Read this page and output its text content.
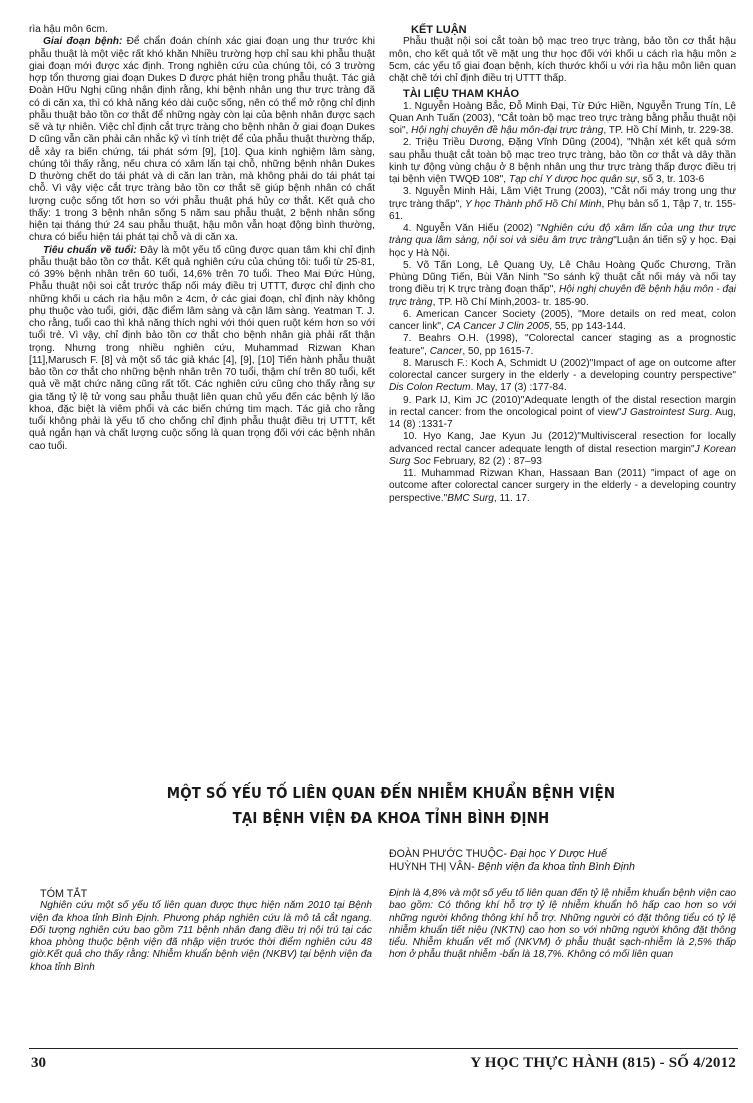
rìa hậu môn 6cm.

Giai đoạn bệnh: Để chẩn đoán chính xác giai đoạn ung thư trước khi phẫu thuật là một việc rất khó khăn Nhiều trường hợp chỉ sau khi phẫu thuật giai đoạn mới được xác định. Trong nghiên cứu của chúng tôi, có 3 trường hợp tổn thương giai đoạn Dukes D được phát hiện trong phẫu thuật. Tác giả Đoàn Hữu Nghị cũng nhận định rằng, khi bệnh nhân ung thư trực tràng đã có di căn xa, thì có khả năng kéo dài cuộc sống, nên có thể mở rộng chỉ định phẫu thuật bảo tồn cơ thắt để những ngày còn lại của bệnh nhân được sạch sẽ và tự nhiên. Việc chỉ định cắt trực tràng cho bệnh nhân ở giai đoạn Dukes D cũng vẫn cần phải cân nhắc kỹ vì tính triệt để của phẫu thuật thường thấp, dễ xảy ra biến chứng, tái phát sớm [9], [10]. Qua kinh nghiệm lâm sàng, chúng tôi thấy rằng, nếu chưa có xâm lấn tại chỗ, những bệnh nhân Dukes D thường chết do tái phát và di căn lan tràn, mà không phải do tái phát tại chỗ. Vì vậy việc cắt trực tràng bảo tồn cơ thắt sẽ giúp bệnh nhân có chất lượng cuộc sống tốt hơn so với phẫu thuật phá hủy cơ thắt. Kết quả cho thấy: 1 trong 3 bệnh nhân sống 5 năm sau phẫu thuật, 2 bệnh nhân sống hiện tại tháng thứ 24 sau phẫu thuật, hậu môn vẫn hoạt động bình thường, chưa có biểu hiện tái phát tại chỗ và di căn xa.

Tiêu chuẩn về tuổi: Đây là một yếu tố cũng được quan tâm khi chỉ định phẫu thuật bảo tồn cơ thắt. Kết quả nghiên cứu của chúng tôi: tuổi từ 25-81, có 39% bệnh nhân trên 60 tuổi, 14,6% trên 70 tuổi. Theo Mai Đức Hùng, Phẫu thuật nội soi cắt trước thấp nối máy điều trị UTTT, được chỉ định cho những khối u cách rìa hậu môn ≥ 4cm, ở các giai đoạn, chỉ định này không phụ thuộc vào tuổi, giới, đặc điểm lâm sàng và cận lâm sàng. Yeatman T. J. cho rằng, tuổi cao thì khả năng thích nghi với thói quen ruột kém hơn so với tuổi trẻ. Vì vậy, chỉ định bảo tồn cơ thắt cho bệnh nhân già phải rất thận trọng. Nhưng trong nhiều nghiên cứu, Muhammad Rizwan Khan [11],Marusch F. [8] và một số tác giả khác [4], [9], [10] Tiến hành phẫu thuật bảo tồn cơ thắt cho những bệnh nhân trên 70 tuổi, thậm chí trên 80 tuổi, kết quả về mặt chức năng cũng rất tốt. Các nghiên cứu cũng cho thấy rằng sự gia tăng tỷ lệ tử vong sau phẫu thuật liên quan chủ yếu đến các bệnh lý lão khoa, đặc biệt là viêm phổi và các biến chứng tim mạch. Tác giả cho rằng tuổi không phải là yếu tố cho chống chỉ định phẫu thuật điều trị UTTT, kết quả ngắn hạn và chất lượng cuộc sống là quan trọng đối với các bệnh nhân cao tuổi.

KẾT LUẬN

Phẫu thuật nội soi cắt toàn bộ mạc treo trực tràng, bảo tồn cơ thắt hậu môn, cho kết quả tốt về mặt ung thư học đối với khối u cách rìa hậu môn ≥ 5cm, các yếu tố giai đoạn bệnh, kích thước khối u với rìa hậu môn liên quan chặt chẽ tới chỉ định điều trị UTTT thấp.

TÀI LIỆU THAM KHẢO

1. Nguyễn Hoàng Bắc, Đỗ Minh Đại, Từ Đức Hiền, Nguyễn Trung Tín, Lê Quan Anh Tuấn (2003), "Cắt toàn bộ mạc treo trực tràng bằng phẫu thuật nội soi", Hội nghị chuyên đề hậu môn-đại trực tràng, TP. Hồ Chí Minh, tr. 229-38.

2. Triệu Triều Dương, Đặng Vĩnh Dũng (2004), "Nhận xét kết quả sớm sau phẫu thuật cắt toàn bộ mạc treo trực tràng, bảo tồn cơ thắt và dây thần kinh tự động vùng chậu ở 8 bệnh nhân ung thư trực tràng thấp được điều trị tại bệnh viện TWQĐ 108", Tạp chí Y dược học quân sự, số 3, tr. 103-6

3. Nguyễn Minh Hải, Lâm Việt Trung (2003), "Cắt nối máy trong ung thư trực tràng thấp", Y học Thành phố Hồ Chí Minh, Phụ bản số 1, Tập 7, tr. 155-61.

4. Nguyễn Văn Hiếu (2002) "Nghiên cứu độ xâm lấn của ung thư trực tràng qua lâm sàng, nội soi và siêu âm trực tràng"Luận án tiến sỹ y học. Đại học y Hà Nội.

5. Võ Tấn Long, Lê Quang Uy, Lê Châu Hoàng Quốc Chương, Trần Phùng Dũng Tiến, Bùi Văn Ninh "So sánh kỹ thuật cắt nối máy và nối tay trong điều trị K trực tràng đoạn thấp", Hội nghị chuyên đề bệnh hậu môn - đại trực tràng, TP. Hồ Chí Minh,2003- tr. 185-90.

6. American Cancer Society (2005), "More details on red meat, colon cancer link", CA Cancer J Clin 2005, 55, pp 143-144.

7. Beahrs O.H. (1998), "Colorectal cancer staging as a prognostic feature", Cancer, 50, pp 1615-7.

8. Marusch F.: Koch A, Schmidt U (2002)"Impact of age on outcome after colorectal cancer surgery in the elderly - a developing country perspective" Dis Colon Rectum. May, 17 (3) :177-84.

9. Park IJ, Kim JC (2010)"Adequate length of the distal resection margin in rectal cancer: from the oncological point of view"J Gastrointest Surg. Aug, 14 (8) :1331-7

10. Hyo Kang, Jae Kyun Ju (2012)"Multivisceral resection for locally advanced rectal cancer adequate length of distal resection margin"J Korean Surg Soc February, 82 (2) : 87–93

11. Muhammad Rizwan Khan, Hassaan Ban (2011) "impact of age on outcome after colorectal cancer surgery in the elderly - a developing country perspective."BMC Surg, 11. 17.

MỘT SỐ YẾU TỐ LIÊN QUAN ĐẾN NHIỄM KHUẨN BỆNH VIỆN
TẠI BỆNH VIỆN ĐA KHOA TỈNH BÌNH ĐỊNH
ĐOÀN PHƯỚC THUỘC- Đại học Y Dược Huế
HUỲNH THỊ VÂN- Bệnh viện đa khoa tỉnh Bình Định

TÓM TẮT

Nghiên cứu một số yếu tố liên quan được thực hiện năm 2010 tại Bệnh viện đa khoa tỉnh Bình Định. Phương pháp nghiên cứu là mô tả cắt ngang. Đối tượng nghiên cứu bao gồm 711 bệnh nhân đang điều trị nội trú tại các khoa phòng thuộc bệnh viện đã nhập viện trước thời điểm nghiên cứu 48 giờ.Kết quả cho thấy rằng: Nhiễm khuẩn bệnh viện (NKBV) tại bệnh viện đa khoa tỉnh Bình

Định là 4,8% và một số yếu tố liên quan đến tỷ lệ nhiễm khuẩn bệnh viện cao bao gồm: Có thông khí hỗ trợ tỷ lệ nhiễm khuẩn hô hấp cao hơn so với những người không thông khí hỗ trợ. Những người có đặt thông tiểu có tỷ lệ nhiễm khuẩn tiết niệu (NKTN) cao hơn so với những người không đặt thông tiểu. Nhiễm khuẩn vết mổ (NKVM) ở phẫu thuật sạch-nhiễm là 2,5% thấp hơn ở phẫu thuật nhiễm -bẩn là 18,7%. Không có mối liên quan

30	Y HỌC THỰC HÀNH (815) - SỐ 4/2012
